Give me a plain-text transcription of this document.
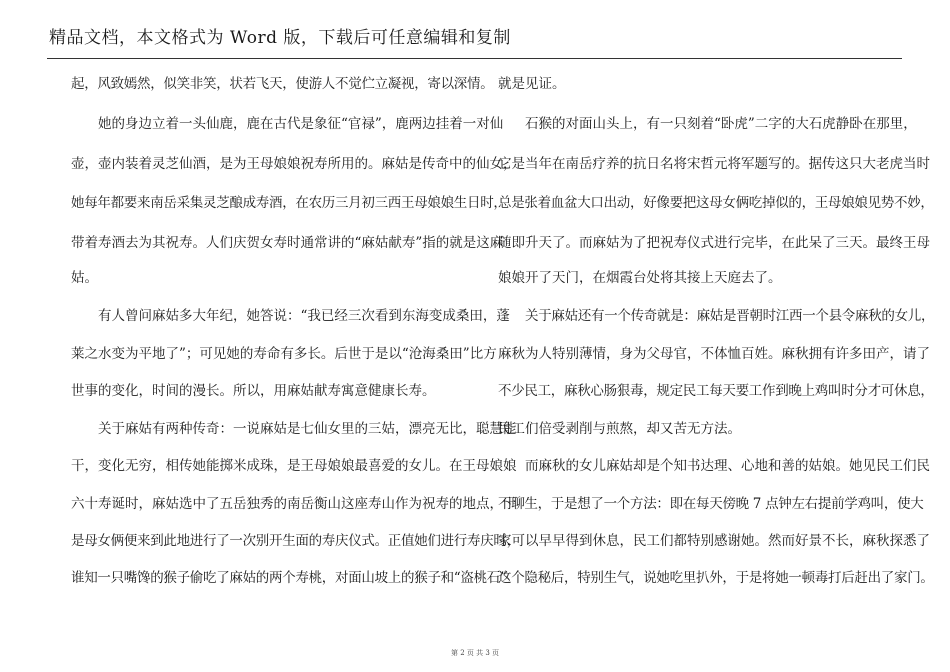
精品文档，本文格式为 Word 版，下载后可任意编辑和复制
起，风致嫣然，似笑非笑，状若飞天，使游人不觉伫立凝视，寄以深情。
她的身边立着一头仙鹿，鹿在古代是象征“官禄”，鹿两边挂着一对仙
壶，壶内装着灵芝仙酒，是为王母娘娘祝寿所用的。麻姑是传奇中的仙女，
她每年都要来南岳采集灵芝酿成寿酒，在农历三月初三西王母娘娘生日时，
带着寿酒去为其祝寿。人们庆贺女寿时通常讲的“麻姑献寿”指的就是这麻
姑。
有人曾问麻姑多大年纪，她答说：“我已经三次看到东海变成桑田，蓬
莱之水变为平地了”；可见她的寿命有多长。后世于是以“沧海桑田”比方
世事的变化，时间的漫长。所以，用麻姑献寿寓意健康长寿。
关于麻姑有两种传奇：一说麻姑是七仙女里的三姑，漂亮无比，聪慧能
干，变化无穷，相传她能掷米成珠，是王母娘娘最喜爱的女儿。在王母娘娘
六十寿诞时，麻姑选中了五岳独秀的南岳衡山这座寿山作为祝寿的地点，于
是母女俩便来到此地进行了一次别开生面的寿庆仪式。正值她们进行寿庆时，
谁知一只嘴馋的猴子偷吃了麻姑的两个寿桃，对面山坡上的猴子和“盗桃石”
就是见证。
石猴的对面山头上，有一只刻着“卧虎”二字的大石虎静卧在那里，
它是当年在南岳疗养的抗日名将宋哲元将军题写的。据传这只大老虎当时
总是张着血盆大口出动，好像要把这母女俩吃掉似的，王母娘娘见势不妙，
随即升天了。而麻姑为了把祝寿仪式进行完毕，在此呆了三天。最终王母
娘娘开了天门，在烟霞台处将其接上天庭去了。
关于麻姑还有一个传奇就是：麻姑是晋朝时江西一个县令麻秋的女儿，
麻秋为人特别薄情，身为父母官，不体恤百姓。麻秋拥有许多田产，请了
不少民工，麻秋心肠狠毒，规定民工每天要工作到晚上鸡叫时分才可休息，
民工们倍受剥削与煎熬，却又苦无方法。
而麻秋的女儿麻姑却是个知书达理、心地和善的姑娘。她见民工们民
不聊生，于是想了一个方法：即在每天傍晚 7 点钟左右提前学鸡叫，使大
家可以早早得到休息，民工们都特别感谢她。然而好景不长，麻秋探悉了
这个隐秘后，特别生气，说她吃里扒外，于是将她一顿毒打后赶出了家门。
第 2 页 共 3 页
